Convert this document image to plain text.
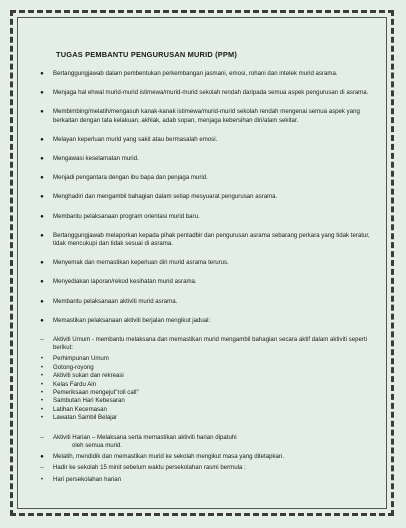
TUGAS PEMBANTU PENGURUSAN MURID (PPM)
●	Bertanggungjawab dalam pembentukan perkembangan jasmani, emosi, rohani dan intelek murid asrama.
●	Menjaga hal ehwal murid-murid istimewa/murid-murid sekolah rendah daripada semua aspek pengurusan di asrama.
●	Membimbing/melatih/mengasuh kanak-kanak istimewa/murid-murid sekolah rendah mengenai semua aspek yang berkaitan dengan tata kelakuan, akhlak, adab sopan, menjaga kebersihan diri/alam sekitar.
●	Melayan keperluan murid yang sakit atau bermasalah emosi.
●	Mengawasi keselamatan murid.
●	Menjadi pengantara dengan ibu bapa dan penjaga murid.
●	Menghadiri dan mengambil bahagian dalam setiap mesyuarat pengurusan asrama.
●	Membantu pelaksanaan program orientasi murid baru.
●	Bertanggungjawab melaporkan kepada pihak pentadbir dan pengurusan asrama sebarang perkara yang tidak teratur, tidak mencukupi dan tidak sesuai di asrama.
●	Menyemak dan memastikan keperluan diri murid asrama terurus.
●	Menyediakan laporan/rekod kesihatan murid asrama.
●	Membantu pelaksanaan aktiviti murid asrama.
●	Memastikan pelaksanaan aktiviti berjalan mengikut jadual:
–	Aktiviti Umum - membantu melaksana dan memastikan murid mengambil bahagian secara aktif dalam aktiviti seperti berikut:
•	Perhimpunan Umum
•	Gotong-royong
•	Aktiviti sukan dan rekreasi
•	Kelas Fardu Ain
•	Pemeriksaan mengejut"roll call"
•	Sambutan Hari Kebesaran
•	Latihan Kecemasan
•	Lawatan Sambil Belajar
–	Aktiviti Harian – Melaksana serta memastikan aktiviti harian dipatuhi
oleh semua murid.
●	Melatih, mendidik dan memastikan murid ke sekolah mengikut masa yang ditetapkan.
–	Hadir ke sekolah 15 minit sebelum waktu persekolahan rasmi bermula :
•	Hari persekolahan harian
